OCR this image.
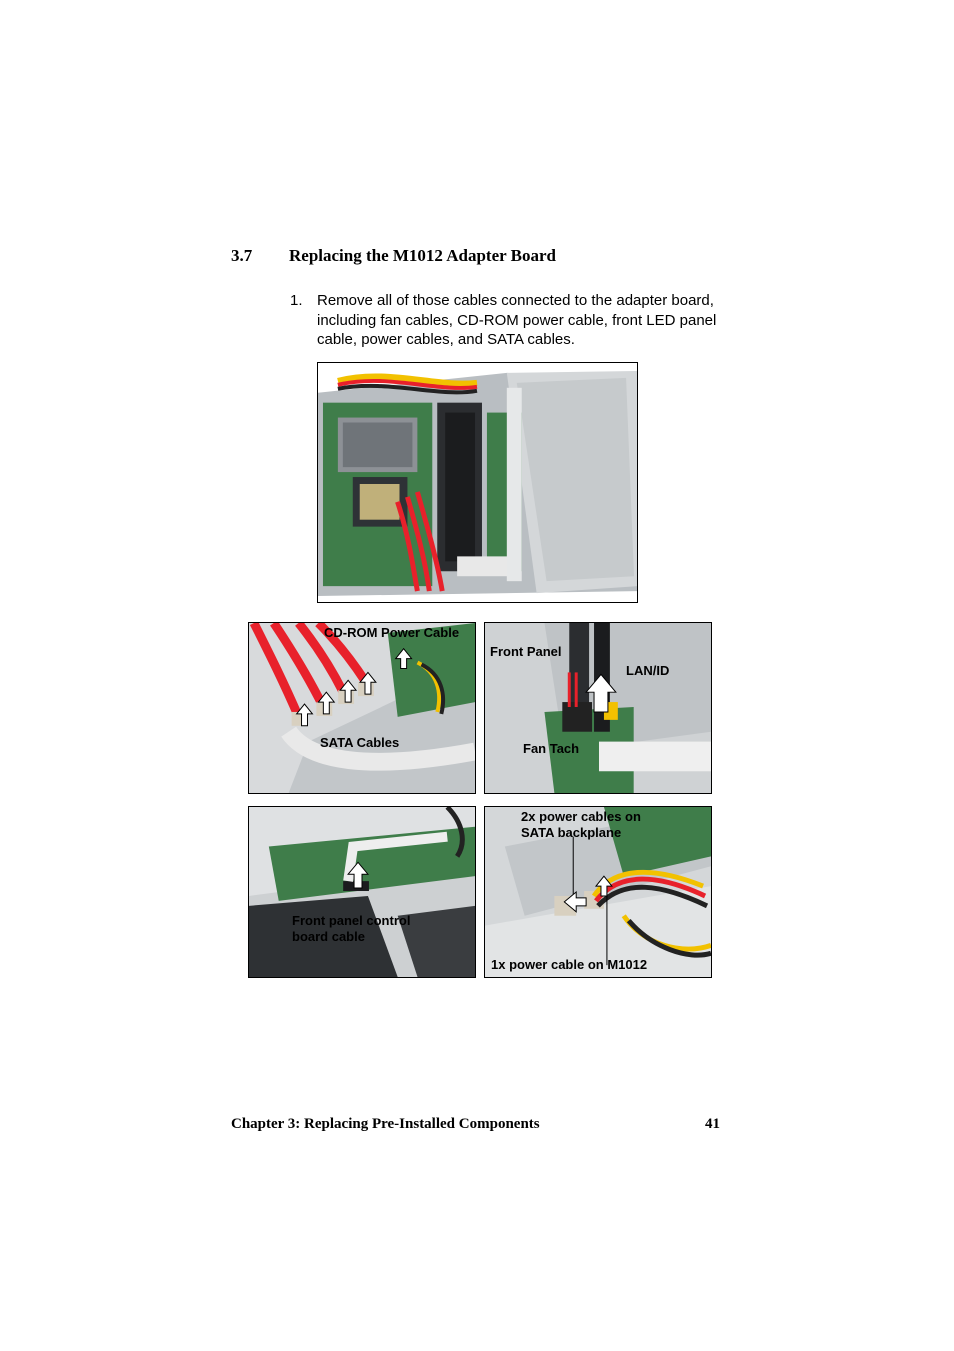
3.7 Replacing the M1012 Adapter Board
1. Remove all of those cables connected to the adapter board, including fan cables, CD-ROM power cable, front LED panel cable, power cables, and SATA cables.
CD-ROM Power Cable
SATA Cables
Front Panel
LAN/ID
Fan Tach
Front panel control
board cable
2x power cables on
SATA backplane
1x power cable on M1012
Chapter 3: Replacing Pre-Installed Components	41
